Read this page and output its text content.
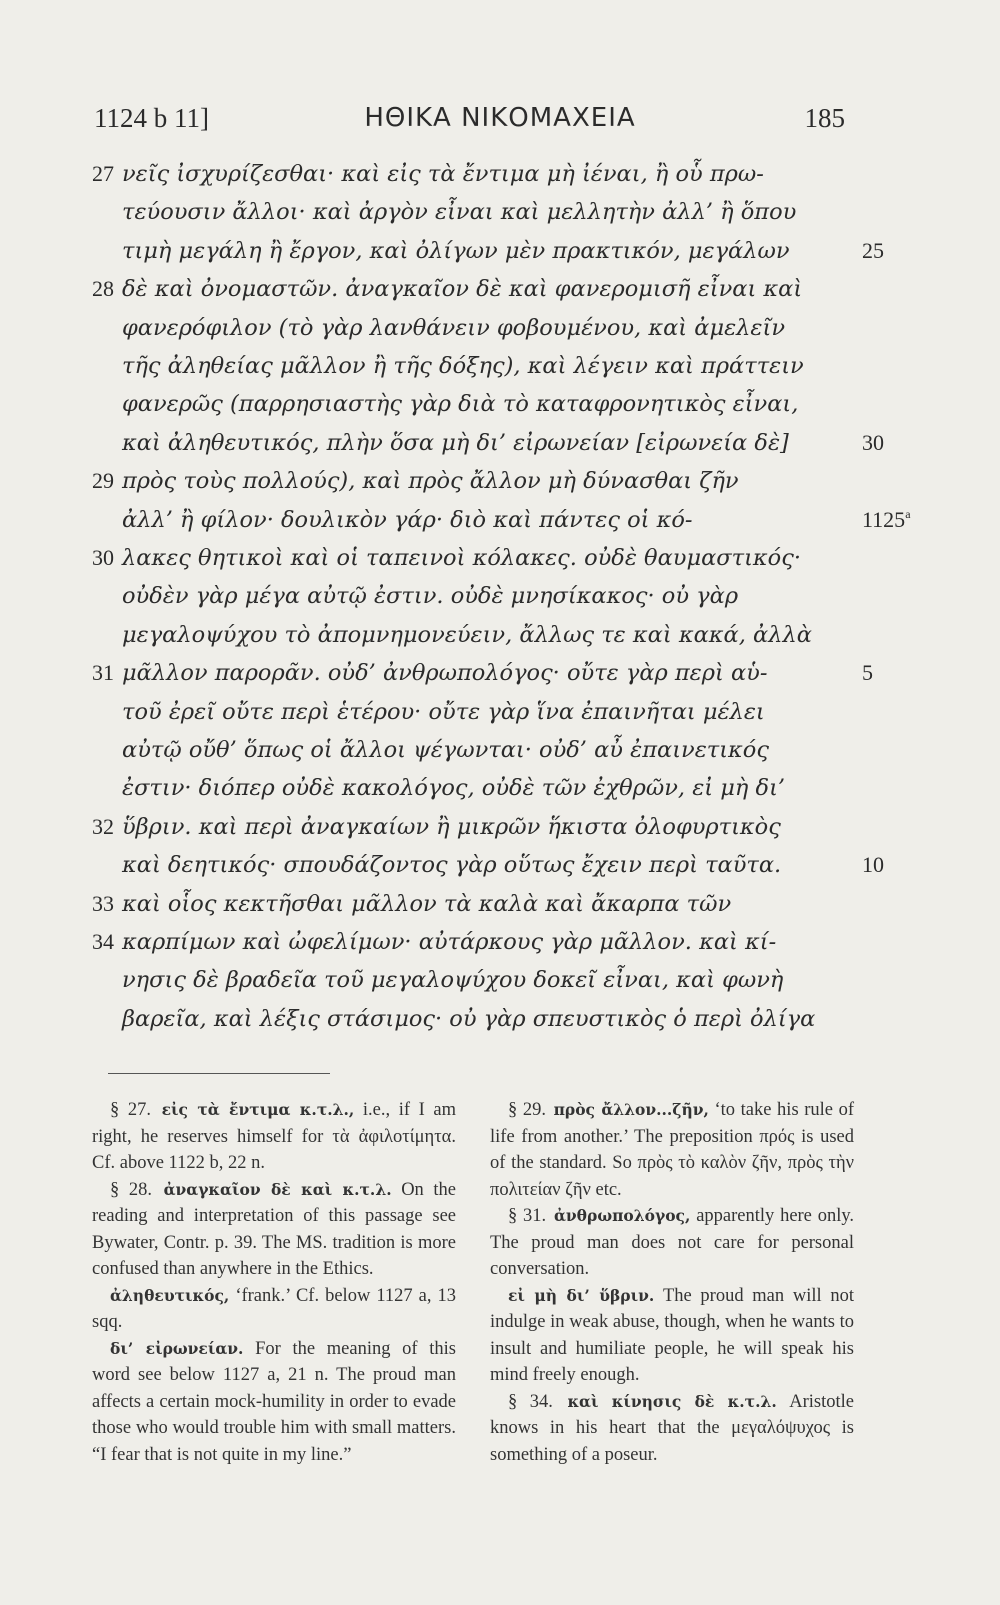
1124 b 11]	ΗΘΙΚΑ ΝΙΚΟΜΑΧΕΙΑ	185
27 νεῖς ἰσχυρίζεσθαι· καὶ εἰς τὰ ἔντιμα μὴ ἰέναι, ἢ οὗ πρω-
τεύουσιν ἄλλοι· καὶ ἀργὸν εἶναι καὶ μελλητὴν ἀλλ’ ἢ ὅπου
τιμὴ μεγάλη ἢ ἔργον, καὶ ὀλίγων μὲν πρακτικόν, μεγάλων	25
28 δὲ καὶ ὀνομαστῶν. ἀναγκαῖον δὲ καὶ φανερομισῆ εἶναι καὶ
φανερόφιλον (τὸ γὰρ λανθάνειν φοβουμένου, καὶ ἀμελεῖν
τῆς ἀληθείας μᾶλλον ἢ τῆς δόξης), καὶ λέγειν καὶ πράττειν
φανερῶς (παρρησιαστὴς γὰρ διὰ τὸ καταφρονητικὸς εἶναι,
καὶ ἀληθευτικός, πλὴν ὅσα μὴ δι’ εἰρωνείαν [εἰρωνεία δὲ]	30
29 πρὸς τοὺς πολλούς), καὶ πρὸς ἄλλον μὴ δύνασθαι ζῆν
ἀλλ’ ἢ φίλον· δουλικὸν γάρ· διὸ καὶ πάντες οἱ κό-	1125$^a$
30 λακες θητικοὶ καὶ οἱ ταπεινοὶ κόλακες. οὐδὲ θαυμαστικός·
οὐδὲν γὰρ μέγα αὐτῷ ἐστιν. οὐδὲ μνησίκακος· οὐ γὰρ
μεγαλοψύχου τὸ ἀπομνημονεύειν, ἄλλως τε καὶ κακά, ἀλλὰ
31 μᾶλλον παρορᾶν. οὐδ’ ἀνθρωπολόγος· οὔτε γὰρ περὶ αὑ-	5
τοῦ ἐρεῖ οὔτε περὶ ἑτέρου· οὔτε γὰρ ἵνα ἐπαινῆται μέλει
αὐτῷ οὔθ’ ὅπως οἱ ἄλλοι ψέγωνται· οὐδ’ αὖ ἐπαινετικός
ἐστιν· διόπερ οὐδὲ κακολόγος, οὐδὲ τῶν ἐχθρῶν, εἰ μὴ δι’
32 ὕβριν. καὶ περὶ ἀναγκαίων ἢ μικρῶν ἥκιστα ὀλοφυρτικὸς
καὶ δεητικός· σπουδάζοντος γὰρ οὕτως ἔχειν περὶ ταῦτα.	10
33 καὶ οἷος κεκτῆσθαι μᾶλλον τὰ καλὰ καὶ ἄκαρπα τῶν
34 καρπίμων καὶ ὠφελίμων· αὐτάρκους γὰρ μᾶλλον. καὶ κί-
νησις δὲ βραδεῖα τοῦ μεγαλοψύχου δοκεῖ εἶναι, καὶ φωνὴ
βαρεῖα, καὶ λέξις στάσιμος· οὐ γὰρ σπευστικὸς ὁ περὶ ὀλίγα
§ 27. εἰς τὰ ἔντιμα κ.τ.λ., i.e., if I am right, he reserves himself for τὰ ἀφιλοτίμητα. Cf. above 1122 b, 22 n.
§ 28. ἀναγκαῖον δὲ καὶ κ.τ.λ. On the reading and interpretation of this passage see Bywater, Contr. p. 39. The MS. tradition is more confused than anywhere in the Ethics.
ἀληθευτικός, ‘frank.’ Cf. below 1127 a, 13 sqq.
δι’ εἰρωνείαν. For the meaning of this word see below 1127 a, 21 n. The proud man affects a certain mock-humility in order to evade those who would trouble him with small matters. “I fear that is not quite in my line.”
§ 29. πρὸς ἄλλον...ζῆν, ‘to take his rule of life from another.’ The preposition πρός is used of the standard. So πρὸς τὸ καλὸν ζῆν, πρὸς τὴν πολιτείαν ζῆν etc.
§ 31. ἀνθρωπολόγος, apparently here only. The proud man does not care for personal conversation.
εἰ μὴ δι’ ὕβριν. The proud man will not indulge in weak abuse, though, when he wants to insult and humiliate people, he will speak his mind freely enough.
§ 34. καὶ κίνησις δὲ κ.τ.λ. Aristotle knows in his heart that the μεγαλόψυχος is something of a poseur.
